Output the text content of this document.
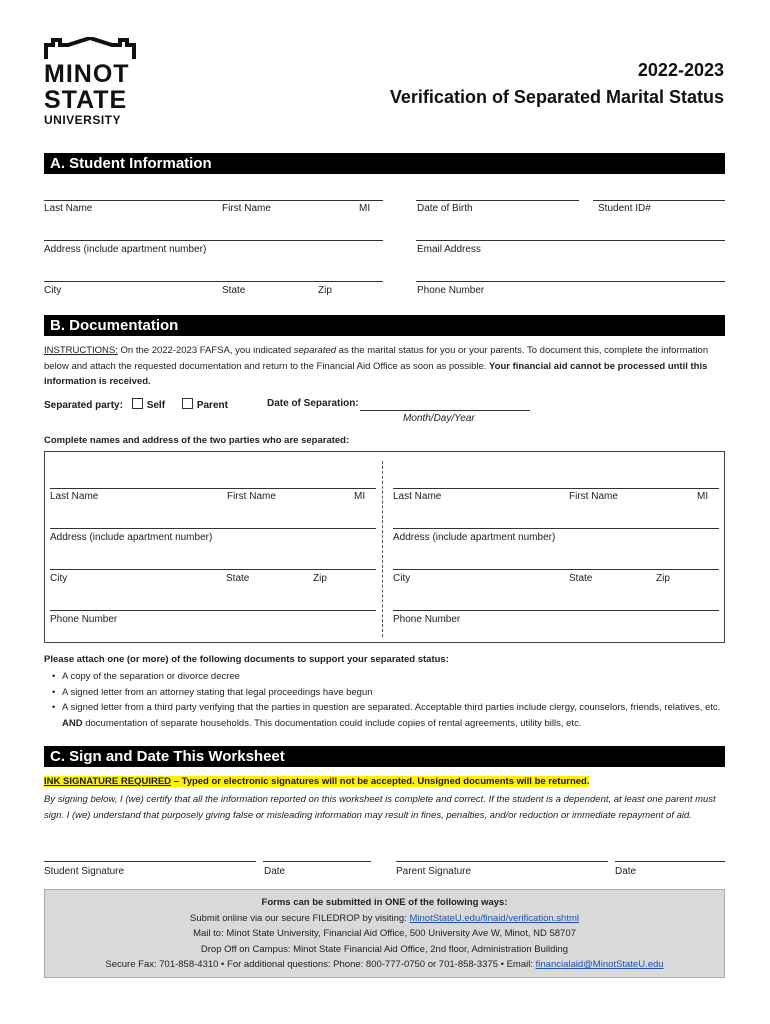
MINOT
STATE
UNIVERSITY
2022-2023
Verification of Separated Marital Status
A. Student Information
Last Name	First Name	MI	Date of Birth	Student ID#
Address (include apartment number)	Email Address
City	State	Zip	Phone Number
B. Documentation
INSTRUCTIONS: On the 2022-2023 FAFSA, you indicated separated as the marital status for you or your parents. To document this, complete the information below and attach the requested documentation and return to the Financial Aid Office as soon as possible. Your financial aid cannot be processed until this information is received.
Separated party: Self	Parent	Date of Separation:
Month/Day/Year
Complete names and address of the two parties who are separated:
Last Name	First Name	MI
Address (include apartment number)
City	State	Zip
Phone Number
Last Name	First Name	MI
Address (include apartment number)
City	State	Zip
Phone Number
Please attach one (or more) of the following documents to support your separated status:
• A copy of the separation or divorce decree
• A signed letter from an attorney stating that legal proceedings have begun
• A signed letter from a third party verifying that the parties in question are separated. Acceptable third parties include clergy, counselors, friends, relatives, etc. AND documentation of separate households. This documentation could include copies of rental agreements, utility bills, etc.
C. Sign and Date This Worksheet
INK SIGNATURE REQUIRED – Typed or electronic signatures will not be accepted. Unsigned documents will be returned.
By signing below, I (we) certify that all the information reported on this worksheet is complete and correct. If the student is a dependent, at least one parent must sign. I (we) understand that purposely giving false or misleading information may result in fines, penalties, and/or reduction or immediate repayment of aid.
Student Signature	Date	Parent Signature	Date
Forms can be submitted in ONE of the following ways:
Submit online via our secure FILEDROP by visiting: MinotStateU.edu/finaid/verification.shtml
Mail to: Minot State University, Financial Aid Office, 500 University Ave W, Minot, ND 58707
Drop Off on Campus: Minot State Financial Aid Office, 2nd floor, Administration Building
Secure Fax: 701-858-4310 • For additional questions: Phone: 800-777-0750 or 701-858-3375 • Email: financialaid@MinotStateU.edu
